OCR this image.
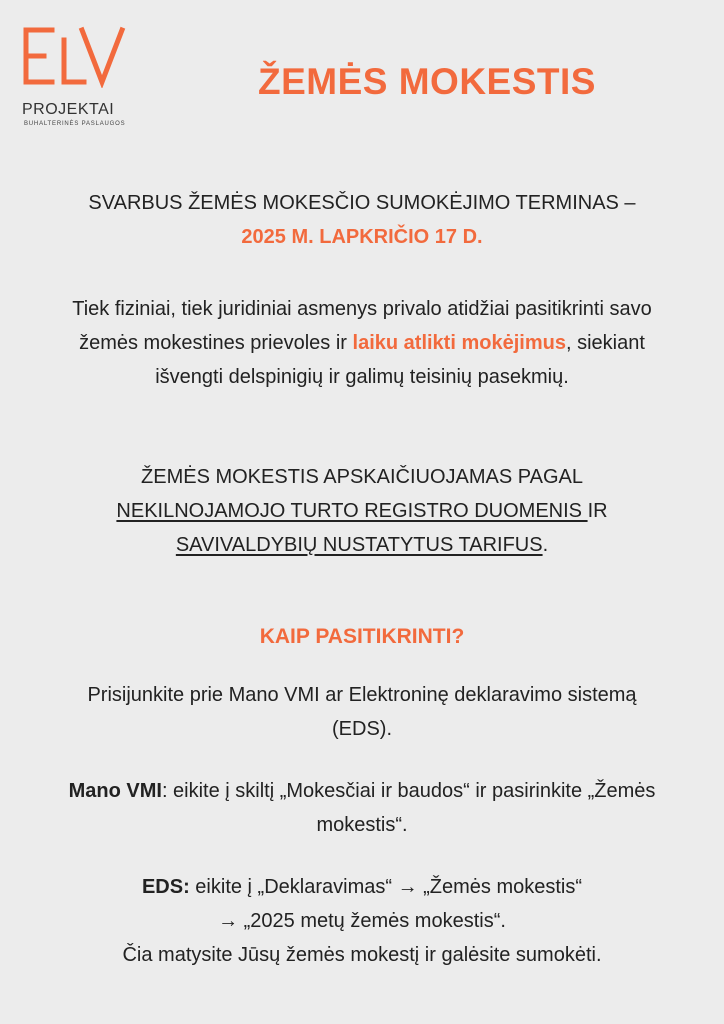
PROJEKTAI
BUHALTERINĖS PASLAUGOS
ŽEMĖS MOKESTIS
SVARBUS ŽEMĖS MOKESČIO SUMOKĖJIMO TERMINAS –
2025 M. LAPKRIČIO 17 D.
Tiek fiziniai, tiek juridiniai asmenys privalo atidžiai pasitikrinti savo žemės mokestines prievoles ir laiku atlikti mokėjimus, siekiant išvengti delspinigių ir galimų teisinių pasekmių.
ŽEMĖS MOKESTIS APSKAIČIUOJAMAS PAGAL
NEKILNOJAMOJO TURTO REGISTRO DUOMENIS IR
SAVIVALDYBIŲ NUSTATYTUS TARIFUS.
KAIP PASITIKRINTI?
Prisijunkite prie Mano VMI ar Elektroninę deklaravimo sistemą (EDS).
Mano VMI: eikite į skiltį „Mokesčiai ir baudos“ ir pasirinkite „Žemės mokestis“.
EDS: eikite į „Deklaravimas“ → „Žemės mokestis“
→ „2025 metų žemės mokestis“.
Čia matysite Jūsų žemės mokestį ir galėsite sumokėti.
